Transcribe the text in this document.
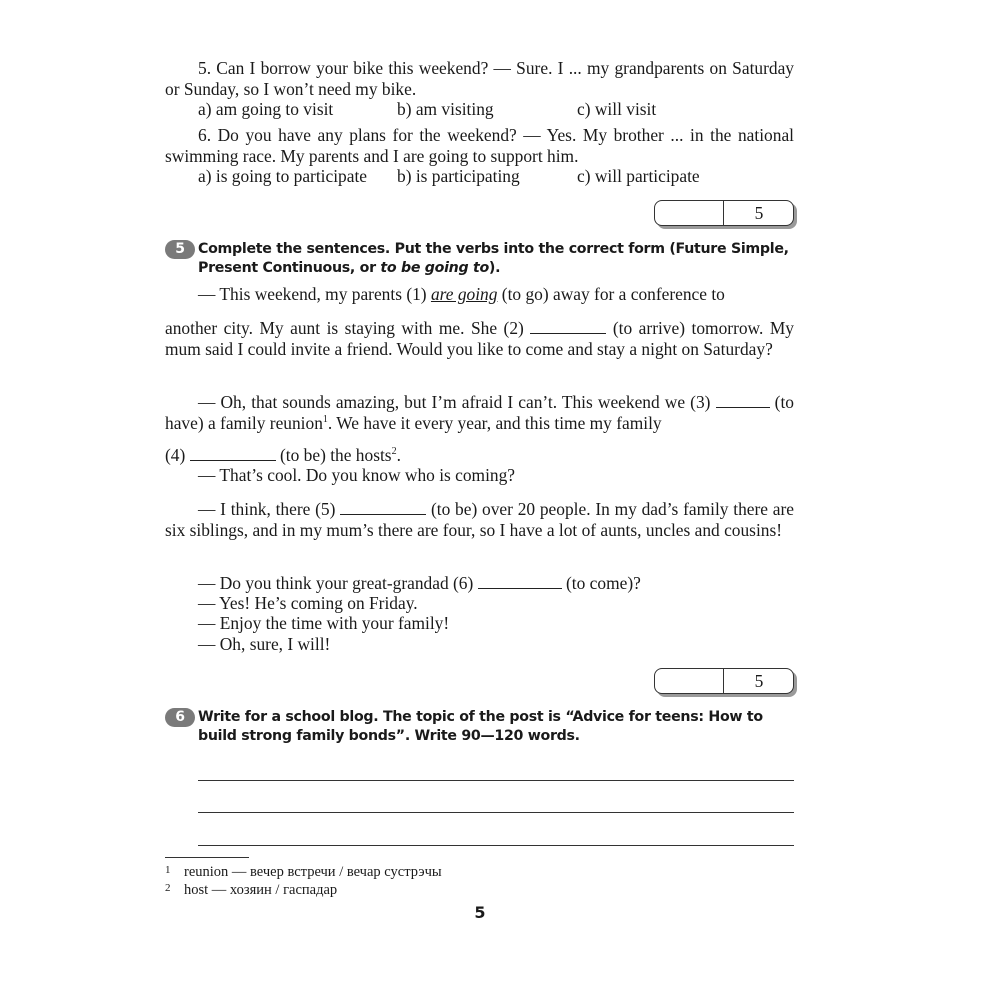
5. Can I borrow your bike this weekend? — Sure. I ... my grandparents on Saturday or Sunday, so I won’t need my bike.
a) am going to visit	b) am visiting	c) will visit
6. Do you have any plans for the weekend? — Yes. My brother ... in the national swimming race. My parents and I are going to support him.
a) is going to participate b) is participating	c) will participate
5
5 Complete the sentences. Put the verbs into the correct form (Future Simple, Present Continuous, or to be going to).
— This weekend, my parents (1) are going (to go) away for a conference to
another city. My aunt is staying with me. She (2)	(to arrive) tomorrow. My mum said I could invite a friend. Would you like to come and stay a night on Saturday?
— Oh, that sounds amazing, but I’m afraid I can’t. This weekend we (3)	(to have) a family reunion$^1$. We have it every year, and this time my family
(4)	(to be) the hosts$^2$.
— That’s cool. Do you know who is coming?
— I think, there (5)	(to be) over 20 people. In my dad’s family there are six siblings, and in my mum’s there are four, so I have a lot of aunts, uncles and cousins!
— Do you think your great-grandad (6)	(to come)?
— Yes! He’s coming on Friday.
— Enjoy the time with your family!
— Oh, sure, I will!
5
6 Write for a school blog. The topic of the post is “Advice for teens: How to build strong family bonds”. Write 90—120 words.
1 reunion — вечер встречи / вечар сустрэчы
2 host — хозяин / гаспадар
5
